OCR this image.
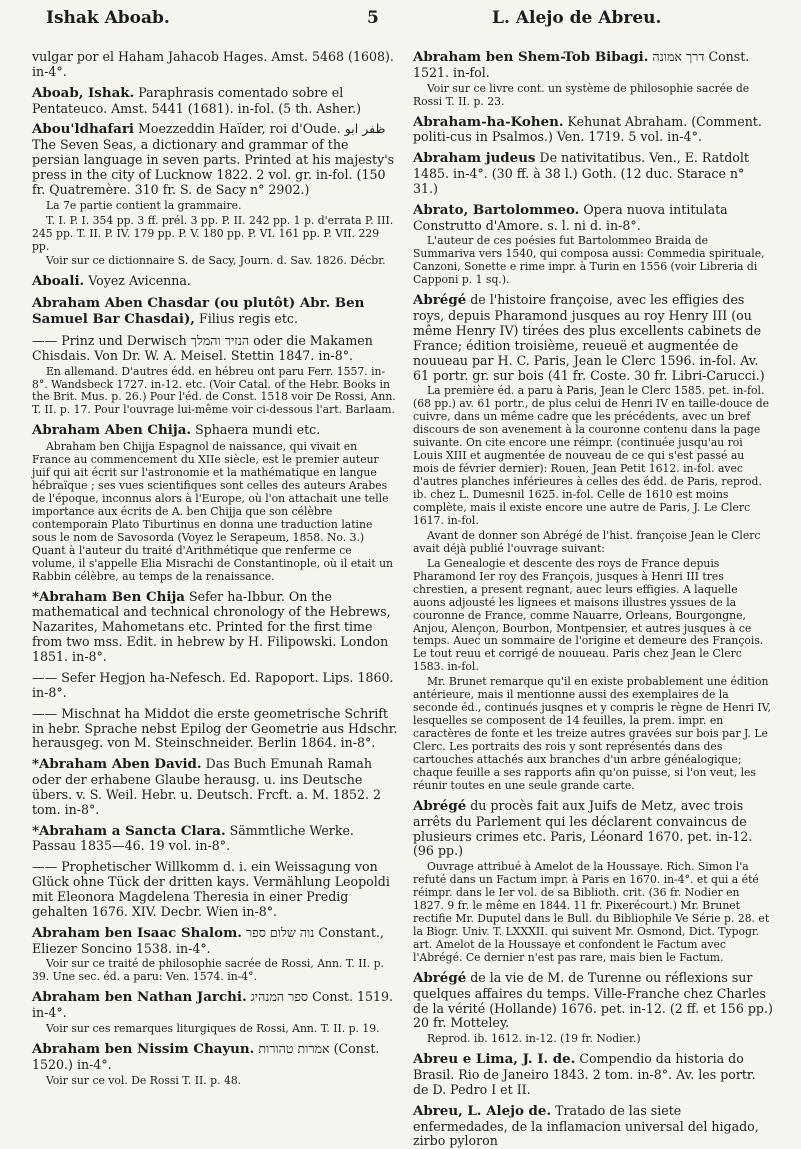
Ishak Aboab.	5	L. Alejo de Abreu.
vulgar por el Haham Jahacob Hages. Amst. 5468 (1608). in-4°.
Aboab, Ishak. Paraphrasis comentado sobre el Pentateuco. Amst. 5441 (1681). in-fol. (5 th. Asher.)
Abou'ldhafari Moezzeddin Haïder, roi d'Oude. ظفر ابو The Seven Seas, a dictionary and grammar of the persian language in seven parts. Printed at his majesty's press in the city of Lucknow 1822. 2 vol. gr. in-fol. (150 fr. Quatremère. 310 fr. S. de Sacy n° 2902.)
La 7e partie contient la grammaire.
T. I. P. I. 354 pp. 3 ff. prél. 3 pp. P. II. 242 pp. 1 p. d'errata P. III. 245 pp. T. II. P. IV. 179 pp. P. V. 180 pp. P. VI. 161 pp. P. VII. 229 pp.
Voir sur ce dictionnaire S. de Sacy, Journ. d. Sav. 1826. Décbr.
Aboali. Voyez Avicenna.
Abraham Aben Chasdar (ou plutôt) Abr. Ben Samuel Bar Chasdai), Filius regis etc.
—— Prinz und Derwisch הנזיר והמלך oder die Makamen Chisdais. Von Dr. W. A. Meisel. Stettin 1847. in-8°.
En allemand. D'autres édd. en hébreu ont paru Ferr. 1557. in-8°. Wandsbeck 1727. in-12. etc. (Voir Catal. of the Hebr. Books in the Brit. Mus. p. 26.) Pour l'éd. de Const. 1518 voir De Rossi, Ann. T. II. p. 17. Pour l'ouvrage lui-même voir ci-dessous l'art. Barlaam.
Abraham Aben Chija. Sphaera mundi etc.
Abraham ben Chijja Espagnol de naissance, qui vivait en France au commencement du XIIe siècle, est le premier auteur juif qui ait écrit sur l'astronomie et la mathématique en langue hébraïque ; ses vues scientifiques sont celles des auteurs Arabes de l'époque, inconnus alors à l'Europe, où l'on attachait une telle importance aux écrits de A. ben Chijja que son célèbre contemporain Plato Tiburtinus en donna une traduction latine sous le nom de Savosorda (Voyez le Serapeum, 1858. No. 3.) Quant à l'auteur du traité d'Arithmétique que renferme ce volume, il s'appelle Elia Misrachi de Constantinople, où il etait un Rabbin célèbre, au temps de la renaissance.
*Abraham Ben Chija Sefer ha-Ibbur. On the mathematical and technical chronology of the Hebrews, Nazarites, Mahometans etc. Printed for the first time from two mss. Edit. in hebrew by H. Filipowski. London 1851. in-8°.
—— Sefer Hegjon ha-Nefesch. Ed. Rapoport. Lips. 1860. in-8°.
—— Mischnat ha Middot die erste geometrische Schrift in hebr. Sprache nebst Epilog der Geometrie aus Hdschr. herausgeg. von M. Steinschneider. Berlin 1864. in-8°.
*Abraham Aben David. Das Buch Emunah Ramah oder der erhabene Glaube herausg. u. ins Deutsche übers. v. S. Weil. Hebr. u. Deutsch. Frcft. a. M. 1852. 2 tom. in-8°.
*Abraham a Sancta Clara. Sämmtliche Werke. Passau 1835—46. 19 vol. in-8°.
—— Prophetischer Willkomm d. i. ein Weissagung von Glück ohne Tück der dritten kays. Vermählung Leopoldi mit Eleonora Magdelena Theresia in einer Predig gehalten 1676. XIV. Decbr. Wien in-8°.
Abraham ben Isaac Shalom. נוה שלום ספר Constant., Eliezer Soncino 1538. in-4°.
Voir sur ce traité de philosophie sacrée de Rossi, Ann. T. II. p. 39. Une sec. éd. a paru: Ven. 1574. in-4°.
Abraham ben Nathan Jarchi. ספר המנהיג Const. 1519. in-4°.
Voir sur ces remarques liturgiques de Rossi, Ann. T. II. p. 19.
Abraham ben Nissim Chayun. אמרות טהורות (Const. 1520.) in-4°.
Voir sur ce vol. De Rossi T. II. p. 48.
Abraham ben Shem-Tob Bibagi. דרך אמונה Const. 1521. in-fol.
Voir sur ce livre cont. un système de philosophie sacrée de Rossi T. II. p. 23.
Abraham-ha-Kohen. Kehunat Abraham. (Comment. politi-cus in Psalmos.) Ven. 1719. 5 vol. in-4°.
Abraham judeus De nativitatibus. Ven., E. Ratdolt 1485. in-4°. (30 ff. à 38 l.) Goth. (12 duc. Starace n° 31.)
Abrato, Bartolommeo. Opera nuova intitulata Construtto d'Amore. s. l. ni d. in-8°.
L'auteur de ces poésies fut Bartolommeo Braida de Summariva vers 1540, qui composa aussi: Commedia spirituale, Canzoni, Sonette e rime impr. à Turin en 1556 (voir Libreria di Capponi p. 1 sq.).
Abrégé de l'histoire françoise, avec les effigies des roys, depuis Pharamond jusques au roy Henry III (ou même Henry IV) tirées des plus excellents cabinets de France; édition troisième, reueuë et augmentée de nouueau par H. C. Paris, Jean le Clerc 1596. in-fol. Av. 61 portr. gr. sur bois (41 fr. Coste. 30 fr. Libri-Carucci.)
La première éd. a paru à Paris, Jean le Clerc 1585. pet. in-fol. (68 pp.) av. 61 portr., de plus celui de Henri IV en taille-douce de cuivre, dans un même cadre que les précédents, avec un bref discours de son avenement à la couronne contenu dans la page suivante. On cite encore une réimpr. (continuée jusqu'au roi Louis XIII et augmentée de nouveau de ce qui s'est passé au mois de février dernier): Rouen, Jean Petit 1612. in-fol. avec d'autres planches inférieures à celles des édd. de Paris, reprod. ib. chez L. Dumesnil 1625. in-fol. Celle de 1610 est moins complète, mais il existe encore une autre de Paris, J. Le Clerc 1617. in-fol.
Avant de donner son Abrégé de l'hist. françoise Jean le Clerc avait déjà publié l'ouvrage suivant:
La Genealogie et descente des roys de France depuis Pharamond Ier roy des François, jusques à Henri III tres chrestien, a present regnant, auec leurs effigies. A laquelle auons adjousté les lignees et maisons illustres yssues de la couronne de France, comme Nauarre, Orleans, Bourgongne, Anjou, Alençon, Bourbon, Montpensier, et autres jusques à ce temps. Auec un sommaire de l'origine et demeure des François. Le tout reuu et corrigé de nouueau. Paris chez Jean le Clerc 1583. in-fol.
Mr. Brunet remarque qu'il en existe probablement une édition antérieure, mais il mentionne aussi des exemplaires de la seconde éd., continués jusqnes et y compris le règne de Henri IV, lesquelles se composent de 14 feuilles, la prem. impr. en caractères de fonte et les treize autres gravées sur bois par J. Le Clerc. Les portraits des rois y sont représentés dans des cartouches attachés aux branches d'un arbre généalogique; chaque feuille a ses rapports afin qu'on puisse, si l'on veut, les réunir toutes en une seule grande carte.
Abrégé du procès fait aux Juifs de Metz, avec trois arrêts du Parlement qui les déclarent convaincus de plusieurs crimes etc. Paris, Léonard 1670. pet. in-12. (96 pp.)
Ouvrage attribué à Amelot de la Houssaye. Rich. Simon l'a refuté dans un Factum impr. à Paris en 1670. in-4°. et qui a été réimpr. dans le Ier vol. de sa Biblioth. crit. (36 fr. Nodier en 1827. 9 fr. le même en 1844. 11 fr. Pixerécourt.) Mr. Brunet rectifie Mr. Duputel dans le Bull. du Bibliophile Ve Série p. 28. et la Biogr. Univ. T. LXXXII. qui suivent Mr. Osmond, Dict. Typogr. art. Amelot de la Houssaye et confondent le Factum avec l'Abrégé. Ce dernier n'est pas rare, mais bien le Factum.
Abrégé de la vie de M. de Turenne ou réflexions sur quelques affaires du temps. Ville-Franche chez Charles de la vérité (Hollande) 1676. pet. in-12. (2 ff. et 156 pp.) 20 fr. Motteley.
Reprod. ib. 1612. in-12. (19 fr. Nodier.)
Abreu e Lima, J. I. de. Compendio da historia do Brasil. Rio de Janeiro 1843. 2 tom. in-8°. Av. les portr. de D. Pedro I et II.
Abreu, L. Alejo de. Tratado de las siete enfermedades, de la inflamacion universal del higado, zirbo pyloron
